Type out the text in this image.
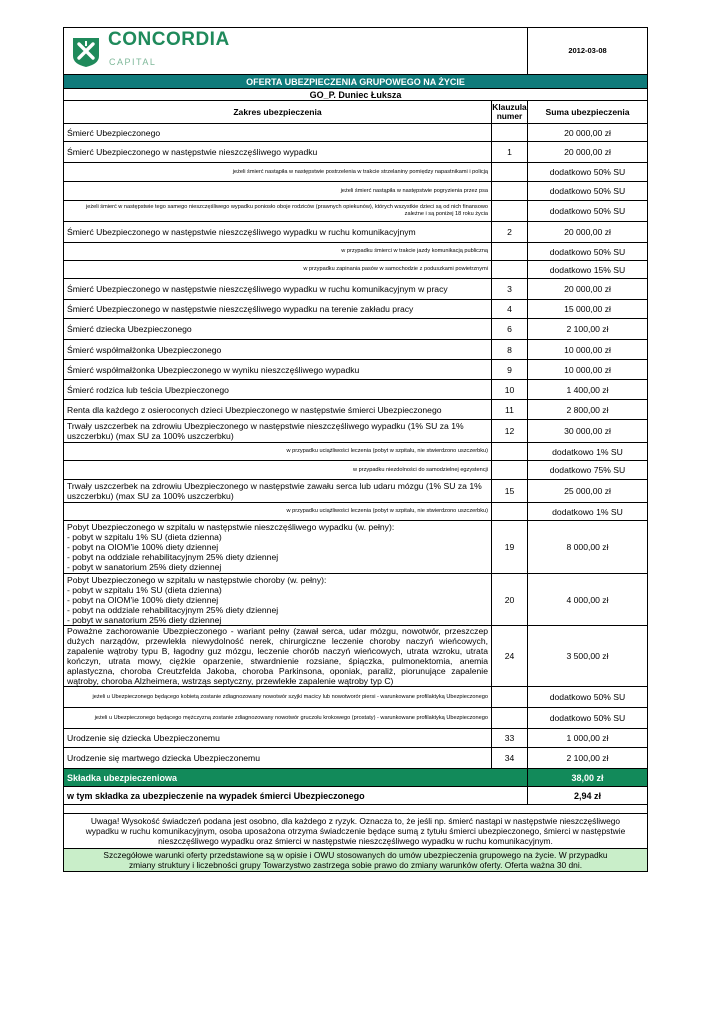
CONCORDIA
CAPITAL		2012-03-08
OFERTA UBEZPIECZENIA GRUPOWEGO NA ŻYCIE		
GO_P. Duniec Łuksza		
Zakres ubezpieczenia	Klauzula numer	Suma ubezpieczenia
Śmierć Ubezpieczonego		20 000,00 zł
Śmierć Ubezpieczonego w następstwie nieszczęśliwego wypadku	1	20 000,00 zł
jeżeli śmierć nastąpiła w następstwie postrzelenia w trakcie strzelaniny pomiędzy napastnikami i policją		dodatkowo 50% SU
jeżeli śmierć nastąpiła w następstwie pogryzienia przez psa		dodatkowo 50% SU
jeżeli śmierć w następstwie tego samego nieszczęśliwego wypadku poniosło oboje rodziców (prawnych opiekunów), których wszystkie dzieci są od nich finansowo zależne i są poniżej 18 roku życia		dodatkowo 50% SU
Śmierć Ubezpieczonego w następstwie nieszczęśliwego wypadku w ruchu komunikacyjnym	2	20 000,00 zł
w przypadku śmierci w trakcie jazdy komunikacją publiczną		dodatkowo 50% SU
w przypadku zapinania pasów w samochodzie z poduszkami powietrznymi		dodatkowo 15% SU
Śmierć Ubezpieczonego w następstwie nieszczęśliwego wypadku w ruchu komunikacyjnym w pracy	3	20 000,00 zł
Śmierć Ubezpieczonego w następstwie nieszczęśliwego wypadku na terenie zakładu pracy	4	15 000,00 zł
Śmierć dziecka Ubezpieczonego	6	2 100,00 zł
Śmierć współmałżonka Ubezpieczonego	8	10 000,00 zł
Śmierć współmałżonka Ubezpieczonego w wyniku nieszczęśliwego wypadku	9	10 000,00 zł
Śmierć rodzica lub teścia Ubezpieczonego	10	1 400,00 zł
Renta dla każdego z osieroconych dzieci Ubezpieczonego w następstwie śmierci Ubezpieczonego	11	2 800,00 zł
Trwały uszczerbek na zdrowiu Ubezpieczonego w następstwie nieszczęśliwego wypadku (1% SU za 1% uszczerbku) (max SU za 100% uszczerbku)	12	30 000,00 zł
w przypadku uciążliwości leczenia (pobyt w szpitalu, nie stwierdzono uszczerbku)		dodatkowo 1% SU
w przypadku niezdolności do samodzielnej egzystencji		dodatkowo 75% SU
Trwały uszczerbek na zdrowiu Ubezpieczonego w następstwie zawału serca lub udaru mózgu (1% SU za 1% uszczerbku) (max SU za 100% uszczerbku)	15	25 000,00 zł
w przypadku uciążliwości leczenia (pobyt w szpitalu, nie stwierdzono uszczerbku)		dodatkowo 1% SU
Pobyt Ubezpieczonego w szpitalu w następstwie nieszczęśliwego wypadku (w. pełny):
- pobyt w szpitalu 1% SU (dieta dzienna)
- pobyt na OIOM'ie 100% diety dziennej
- pobyt na oddziale rehabilitacyjnym 25% diety dziennej
- pobyt w sanatorium 25% diety dziennej	19	8 000,00 zł
Pobyt Ubezpieczonego w szpitalu w następstwie choroby (w. pełny):
- pobyt w szpitalu 1% SU (dieta dzienna)
- pobyt na OIOM'ie 100% diety dziennej
- pobyt na oddziale rehabilitacyjnym 25% diety dziennej
- pobyt w sanatorium 25% diety dziennej	20	4 000,00 zł
Poważne zachorowanie Ubezpieczonego - wariant pełny (zawał serca, udar mózgu, nowotwór, przeszczep dużych narządów, przewlekła niewydolność nerek, chirurgiczne leczenie choroby naczyń wieńcowych, zapalenie wątroby typu B, łagodny guz mózgu, leczenie chorób naczyń wieńcowych, utrata wzroku, utrata kończyn, utrata mowy, ciężkie oparzenie, stwardnienie rozsiane, śpiączka, pulmonektomia, anemia aplastyczna, choroba Creutzfelda Jakoba, choroba Parkinsona, oponiak, paraliż, piorunujące zapalenie wątroby, choroba Alzheimera, wstrząs septyczny, przewlekłe zapalenie wątroby typ C)	24	3 500,00 zł
jeżeli u Ubezpieczonego będącego kobietą zostanie zdiagnozowany nowotwór szyjki macicy lub nowotworór piersi - warunkowane profilaktyką Ubezpieczonego		dodatkowo 50% SU
jeżeli u Ubezpieczonego będącego mężczyzną zostanie zdiagnozowany nowotwór gruczołu krokowego (prostaty) - warunkowane profilaktyką Ubezpieczonego		dodatkowo 50% SU
Urodzenie się dziecka Ubezpieczonemu	33	1 000,00 zł
Urodzenie się martwego dziecka Ubezpieczonemu	34	2 100,00 zł
Składka ubezpieczeniowa		38,00 zł
w tym składka za ubezpieczenie na wypadek śmierci Ubezpieczonego		2,94 zł

Uwaga! Wysokość świadczeń podana jest osobno, dla każdego z ryzyk. Oznacza to, że jeśli np. śmierć nastąpi w następstwie nieszczęśliwego wypadku w ruchu komunikacyjnym, osoba uposażona otrzyma świadczenie będące sumą z tytułu śmierci ubezpieczonego, śmierci w następstwie nieszczęśliwego wypadku oraz śmierci w następstwie nieszczęśliwego wypadku w ruchu komunikacyjnym.		
Szczegółowe warunki oferty przedstawione są w opisie i OWU stosowanych do umów ubezpieczenia grupowego na życie. W przypadku zmiany struktury i liczebności grupy Towarzystwo zastrzega sobie prawo do zmiany warunków oferty. Oferta ważna 30 dni.		
